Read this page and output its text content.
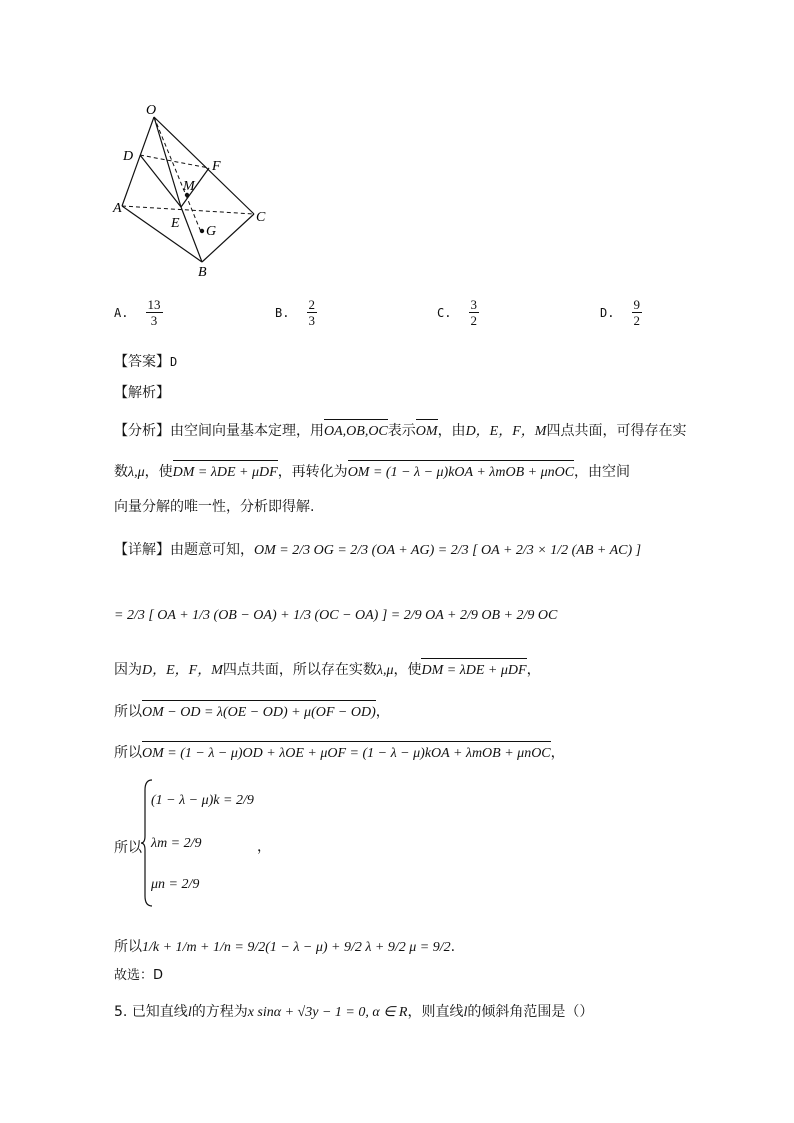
O
D
F
M
A
E	C
G
B
A. $\frac{13}{3}$	B. $\frac{2}{3}$	C. $\frac{3}{2}$	D. $\frac{9}{2}$
【答案】D
【解析】
【分析】由空间向量基本定理，用OA,OB,OC表示OM，由D，E，F，M四点共面，可得存在实
数λ,μ，使DM = λDE + μDF，再转化为OM = (1 − λ − μ)kOA + λmOB + μnOC，由空间
向量分解的唯一性，分析即得解.
【详解】由题意可知，OM = 2/3 OG = 2/3 (OA + AG) = 2/3 [ OA + 2/3 × 1/2 (AB + AC) ]
= 2/3 [ OA + 1/3 (OB − OA) + 1/3 (OC − OA) ] = 2/9 OA + 2/9 OB + 2/9 OC
因为D，E，F，M四点共面，所以存在实数λ,μ，使DM = λDE + μDF，
所以OM − OD = λ(OE − OD) + μ(OF − OD)，
所以OM = (1 − λ − μ)OD + λOE + μOF = (1 − λ − μ)kOA + λmOB + μnOC，
所以
(1 − λ − μ)k = 2/9
λm = 2/9	，
μn = 2/9
所以1/k + 1/m + 1/n = 9/2(1 − λ − μ) + 9/2 λ + 9/2 μ = 9/2.
故选：D
5. 已知直线l的方程为x sinα + √3y − 1 = 0, α ∈ R，则直线l的倾斜角范围是（）
